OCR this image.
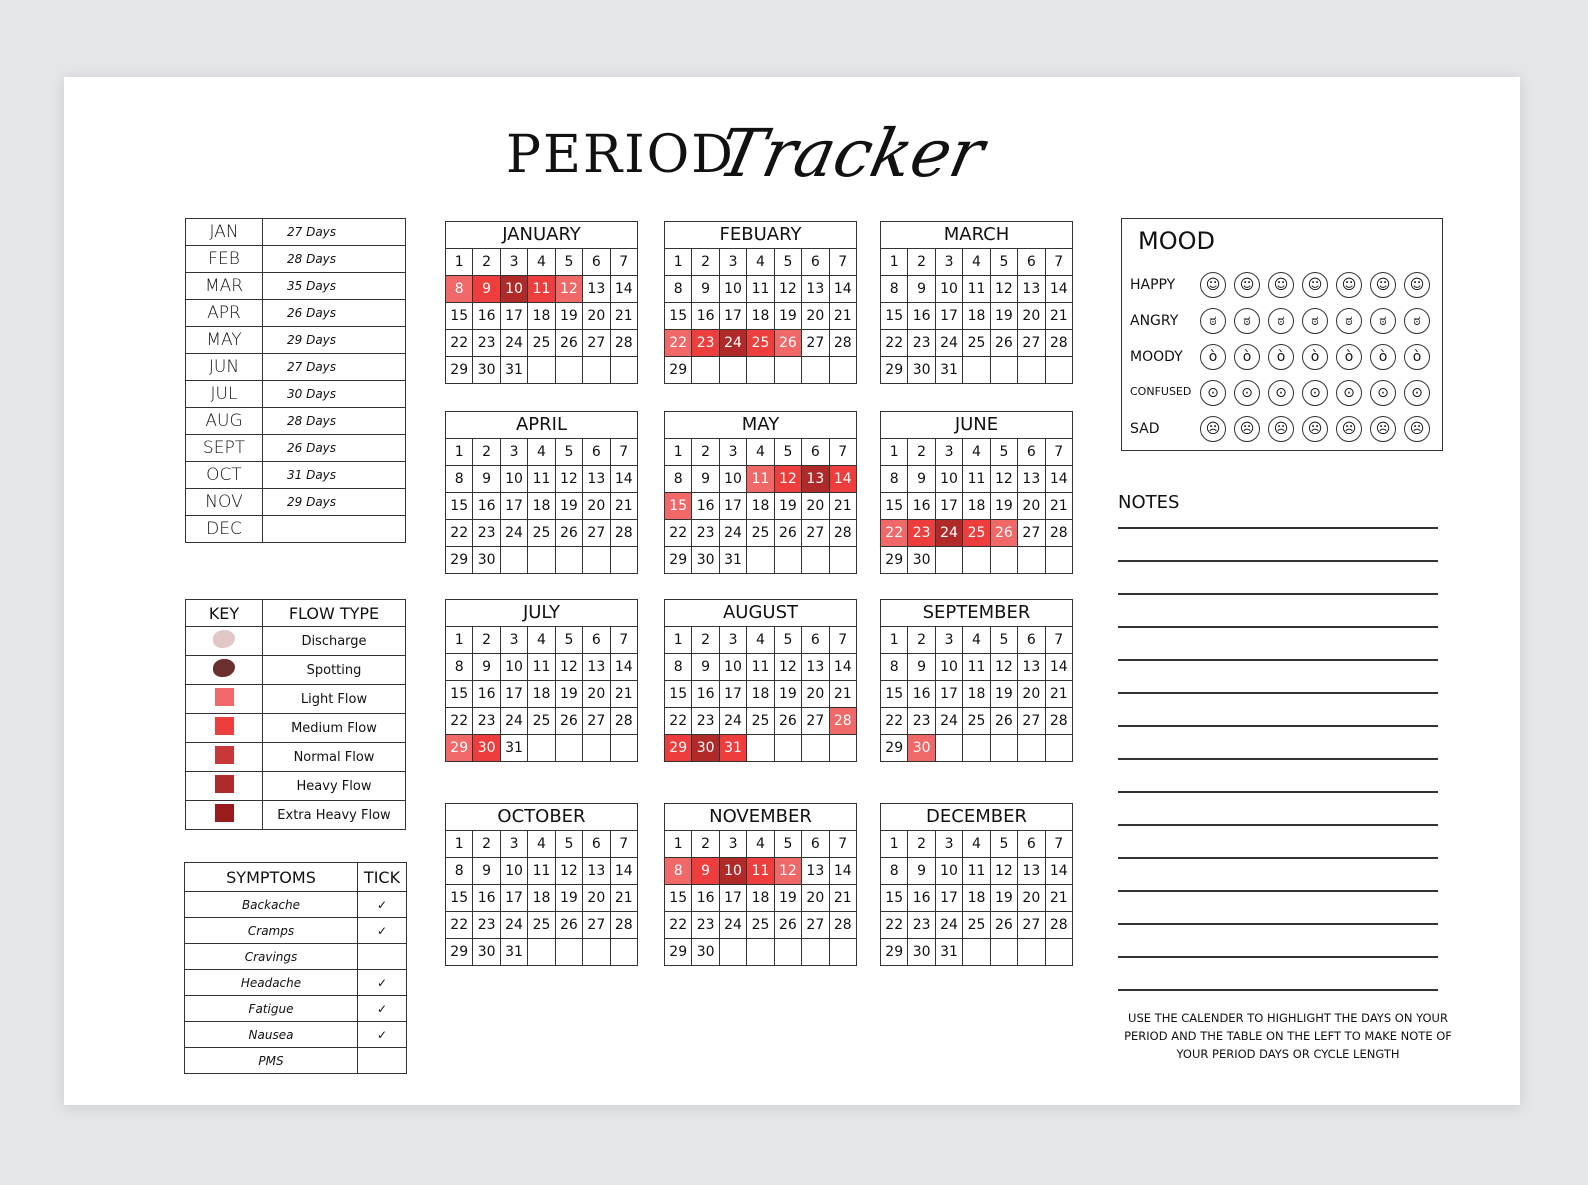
PERIOD
Tracker
JAN	27 Days
FEB	28 Days
MAR	35 Days
APR	26 Days
MAY	29 Days
JUN	27 Days
JUL	30 Days
AUG	28 Days
SEPT	26 Days
OCT	31 Days
NOV	29 Days
DEC	
KEY	FLOW TYPE
	Discharge
	Spotting
	Light Flow
	Medium Flow
	Normal Flow
	Heavy Flow
	Extra Heavy Flow
SYMPTOMS	TICK
Backache	✓
Cramps	✓
Cravings	
Headache	✓
Fatigue	✓
Nausea	✓
PMS	
JANUARY
1	2	3	4	5	6	7
8	9	10	11	12	13	14
15	16	17	18	19	20	21
22	23	24	25	26	27	28
29	30	31				
FEBUARY
1	2	3	4	5	6	7
8	9	10	11	12	13	14
15	16	17	18	19	20	21
22	23	24	25	26	27	28
29						
MARCH
1	2	3	4	5	6	7
8	9	10	11	12	13	14
15	16	17	18	19	20	21
22	23	24	25	26	27	28
29	30	31				
APRIL
1	2	3	4	5	6	7
8	9	10	11	12	13	14
15	16	17	18	19	20	21
22	23	24	25	26	27	28
29	30					
MAY
1	2	3	4	5	6	7
8	9	10	11	12	13	14
15	16	17	18	19	20	21
22	23	24	25	26	27	28
29	30	31				
JUNE
1	2	3	4	5	6	7
8	9	10	11	12	13	14
15	16	17	18	19	20	21
22	23	24	25	26	27	28
29	30					
JULY
1	2	3	4	5	6	7
8	9	10	11	12	13	14
15	16	17	18	19	20	21
22	23	24	25	26	27	28
29	30	31				
AUGUST
1	2	3	4	5	6	7
8	9	10	11	12	13	14
15	16	17	18	19	20	21
22	23	24	25	26	27	28
29	30	31				
SEPTEMBER
1	2	3	4	5	6	7
8	9	10	11	12	13	14
15	16	17	18	19	20	21
22	23	24	25	26	27	28
29	30					
OCTOBER
1	2	3	4	5	6	7
8	9	10	11	12	13	14
15	16	17	18	19	20	21
22	23	24	25	26	27	28
29	30	31				
NOVEMBER
1	2	3	4	5	6	7
8	9	10	11	12	13	14
15	16	17	18	19	20	21
22	23	24	25	26	27	28
29	30					
DECEMBER
1	2	3	4	5	6	7
8	9	10	11	12	13	14
15	16	17	18	19	20	21
22	23	24	25	26	27	28
29	30	31				
MOOD
HAPPY	☺	☺	☺	☺	☺	☺	☺
ANGRY	ಠ	ಠ	ಠ	ಠ	ಠ	ಠ	ಠ
MOODY	ò	ò	ò	ò	ò	ò	ò
CONFUSED	⊙	⊙	⊙	⊙	⊙	⊙	⊙
SAD	☹	☹	☹	☹	☹	☹	☹
NOTES
USE THE CALENDER TO HIGHLIGHT THE DAYS ON YOUR PERIOD AND THE TABLE ON THE LEFT TO MAKE NOTE OF YOUR PERIOD DAYS OR CYCLE LENGTH
